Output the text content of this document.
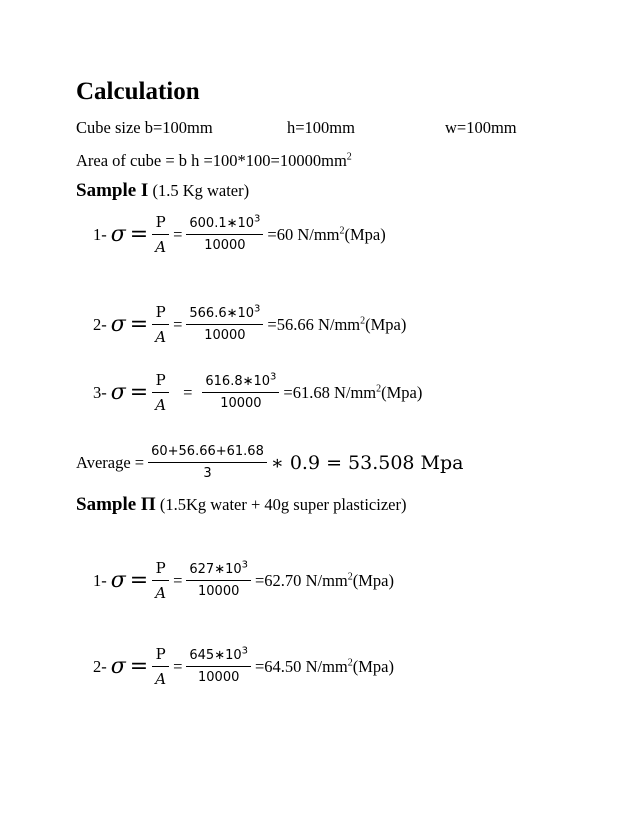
Calculation
Cube size b=100mm	h=100mm	w=100mm
Area of cube = b $h =100*100=10000mm^2$
Sample I (1.5 Kg water)
1- $\sigma = \frac{P}{A} = \frac{600.1∗10^3}{10000} =60$ $N/mm^2(Mpa)$
2- $\sigma = \frac{P}{A} = \frac{566.6∗10^3}{10000} =56.66$ $N/mm^2(Mpa)$
3- $\sigma = \frac{P}{A} = \frac{616.8∗10^3}{10000} =61.68$ $N/mm^2(Mpa)$
Average = $\frac{60+56.66+61.68}{3}$ ∗ 0.9 = 53.508 Mpa
Sample Π (1.5Kg water + 40g super plasticizer)
1- $\sigma = \frac{P}{A} = \frac{627∗10^3}{10000} =62.70$ $N/mm^2(Mpa)$
2- $\sigma = \frac{P}{A} = \frac{645∗10^3}{10000} =64.50$ $N/mm^2(Mpa)$
